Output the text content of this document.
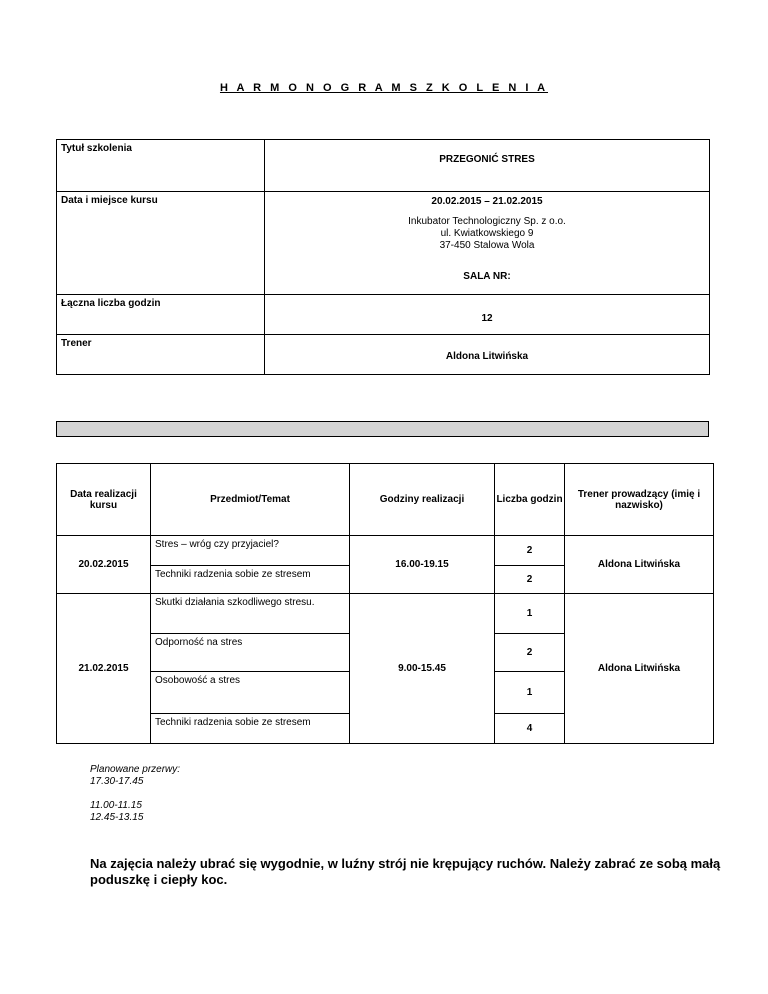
H A R M O N O G R A M S Z K O L E N I A
Tytuł szkolenia	PRZEGONIĆ STRES
Data i miejsce kursu	20.02.2015 – 21.02.2015
Inkubator Technologiczny Sp. z o.o.
ul. Kwiatkowskiego 9
37-450 Stalowa Wola
SALA NR:

Łączna liczba godzin	12
Trener	Aldona Litwińska
Data realizacji kursu	Przedmiot/Temat	Godziny realizacji	Liczba godzin	Trener prowadzący (imię i nazwisko)
20.02.2015	Stres – wróg czy przyjaciel?	16.00-19.15	2	Aldona Litwińska
	Techniki radzenia sobie ze stresem		2	
21.02.2015	Skutki działania szkodliwego stresu.	9.00-15.45	1	Aldona Litwińska
	Odporność na stres		2	
	Osobowość a stres		1	
	Techniki radzenia sobie ze stresem		4	
Planowane przerwy:
17.30-17.45
11.00-11.15
12.45-13.15
Na zajęcia należy ubrać się wygodnie, w luźny strój nie krępujący ruchów. Należy zabrać ze sobą małą poduszkę i ciepły koc.
